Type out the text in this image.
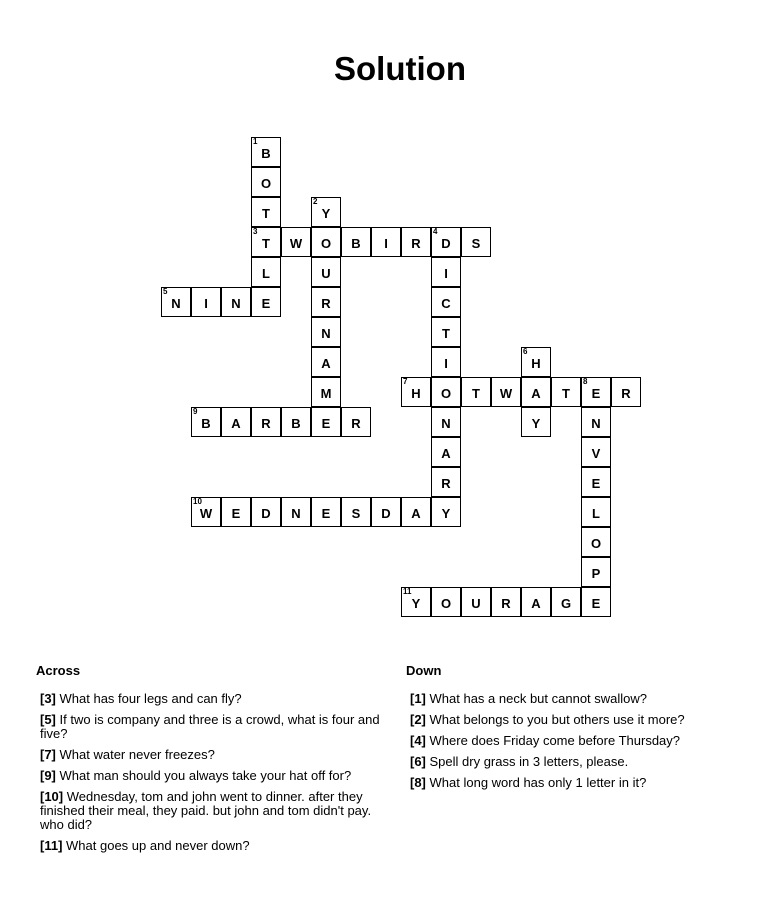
Solution
1
B
O
T
3
T
L
E
2
Y
O
U
R
N
A
M
E
W	B	I	R
4
D	S
I
C
T
I
O
N
A
R
Y
5
N	I	N
6
H
A
Y
7
H	T	W	T
8
E	R
N
V
E
L
O
P
E
9
B	A	R	B	R
10
W	E	D	N	E	S	D	A
11
Y	O	U	R	A	G
Across
[3] What has four legs and can fly?
[5] If two is company and three is a crowd, what is four and five?
[7] What water never freezes?
[9] What man should you always take your hat off for?
[10] Wednesday, tom and john went to dinner. after they finished their meal, they paid. but john and tom didn't pay. who did?
[11] What goes up and never down?
Down
[1] What has a neck but cannot swallow?
[2] What belongs to you but others use it more?
[4] Where does Friday come before Thursday?
[6] Spell dry grass in 3 letters, please.
[8] What long word has only 1 letter in it?
